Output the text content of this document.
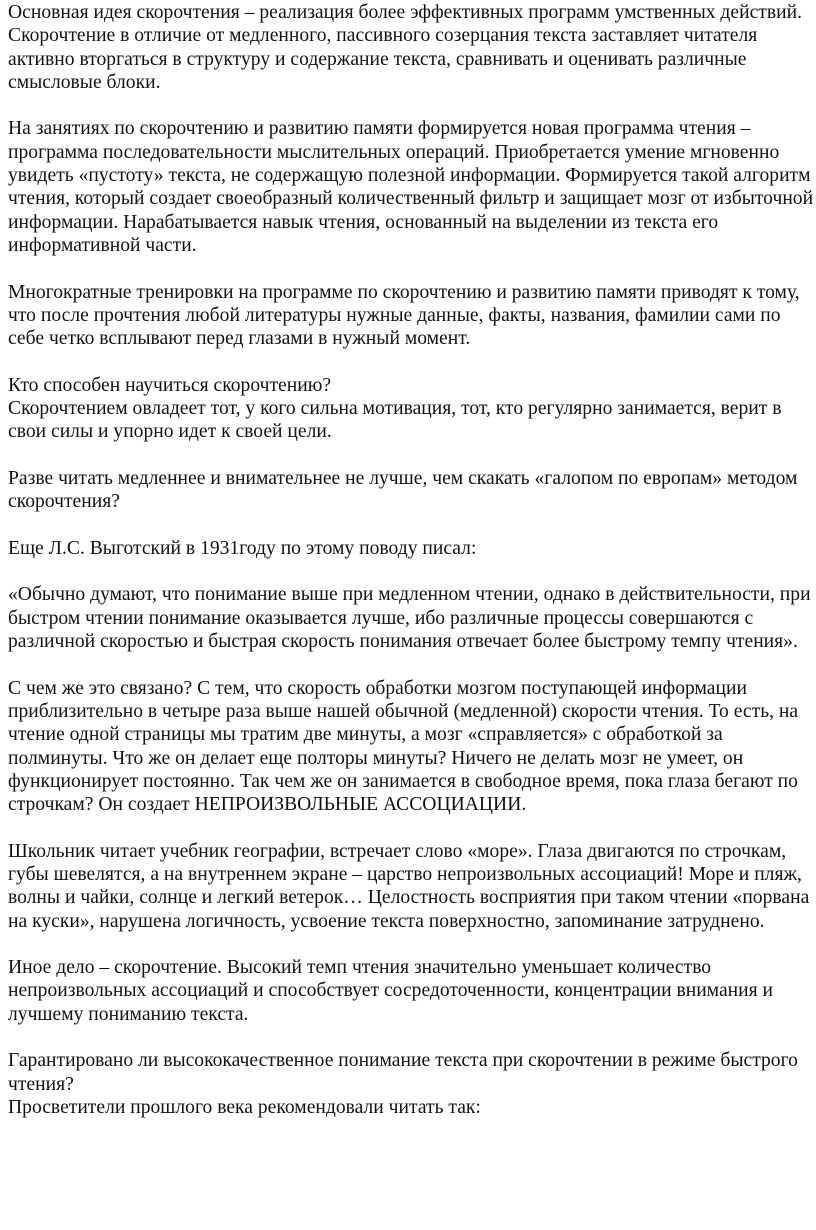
Основная идея скорочтения – реализация более эффективных программ умственных действий. Скорочтение в отличие от медленного, пассивного созерцания текста заставляет читателя активно вторгаться в структуру и содержание текста, сравнивать и оценивать различные смысловые блоки.

На занятиях по скорочтению и развитию памяти формируется новая программа чтения – программа последовательности мыслительных операций. Приобретается умение мгновенно увидеть «пустоту» текста, не содержащую полезной информации. Формируется такой алгоритм чтения, который создает своеобразный количественный фильтр и защищает мозг от избыточной информации. Нарабатывается навык чтения, основанный на выделении из текста его информативной части.

Многократные тренировки на программе по скорочтению и развитию памяти приводят к тому, что после прочтения любой литературы нужные данные, факты, названия, фамилии сами по себе четко всплывают перед глазами в нужный момент.

Кто способен научиться скорочтению?
Скорочтением овладеет тот, у кого сильна мотивация, тот, кто регулярно занимается, верит в свои силы и упорно идет к своей цели.

Разве читать медленнее и внимательнее не лучше, чем скакать «галопом по европам» методом скорочтения?

Еще Л.С. Выготский в 1931году по этому поводу писал:

«Обычно думают, что понимание выше при медленном чтении, однако в действительности, при быстром чтении понимание оказывается лучше, ибо различные процессы совершаются с различной скоростью и быстрая скорость понимания отвечает более быстрому темпу чтения».

С чем же это связано? С тем, что скорость обработки мозгом поступающей информации приблизительно в четыре раза выше нашей обычной (медленной) скорости чтения. То есть, на чтение одной страницы мы тратим две минуты, а мозг «справляется» с обработкой за полминуты. Что же он делает еще полторы минуты? Ничего не делать мозг не умеет, он функционирует постоянно. Так чем же он занимается в свободное время, пока глаза бегают по строчкам? Он создает НЕПРОИЗВОЛЬНЫЕ АССОЦИАЦИИ.

Школьник читает учебник географии, встречает слово «море». Глаза двигаются по строчкам, губы шевелятся, а на внутреннем экране – царство непроизвольных ассоциаций! Море и пляж, волны и чайки, солнце и легкий ветерок… Целостность восприятия при таком чтении «порвана на куски», нарушена логичность, усвоение текста поверхностно, запоминание затруднено.

Иное дело – скорочтение. Высокий темп чтения значительно уменьшает количество непроизвольных ассоциаций и способствует сосредоточенности, концентрации внимания и лучшему пониманию текста.

Гарантировано ли высококачественное понимание текста при скорочтении в режиме быстрого чтения?
Просветители прошлого века рекомендовали читать так:
